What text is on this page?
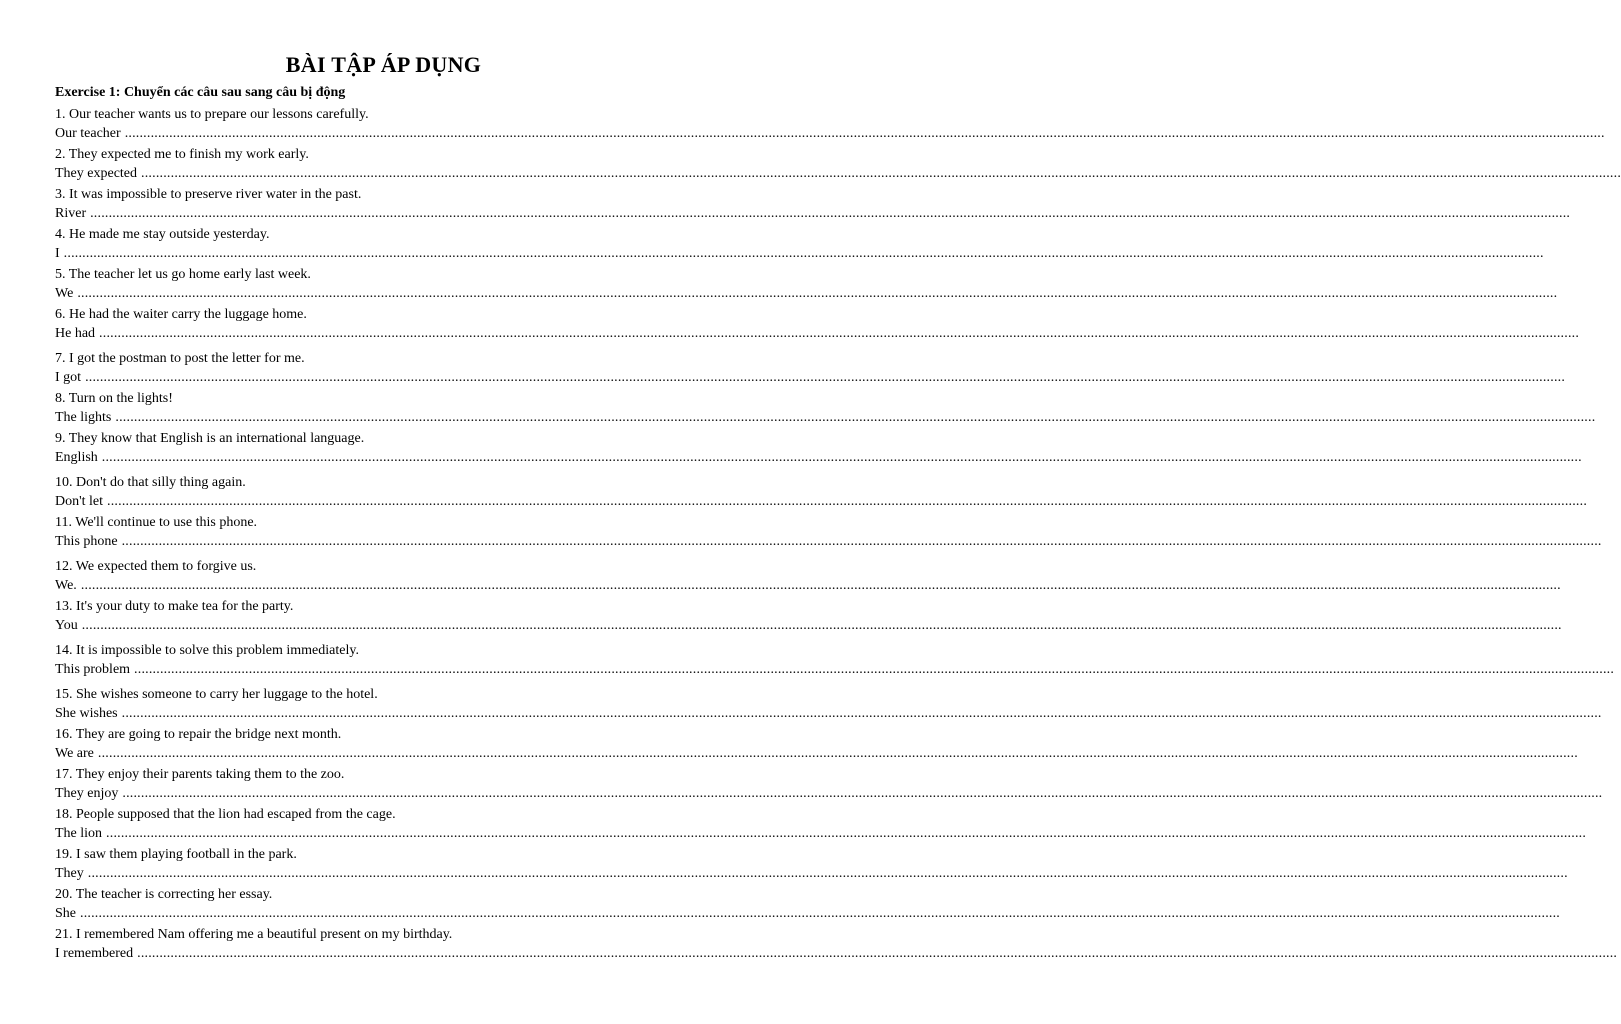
BÀI TẬP ÁP DỤNG
Exercise 1: Chuyển các câu sau sang câu bị động
1. Our teacher wants us to prepare our lessons carefully.
Our teacher ................................................................................................................................................................................................................................................................................................................................................................................................................
2. They expected me to finish my work early.
They expected ................................................................................................................................................................................................................................................................................................................................................................................................................
3. It was impossible to preserve river water in the past.
River ................................................................................................................................................................................................................................................................................................................................................................................................................
4. He made me stay outside yesterday.
I ................................................................................................................................................................................................................................................................................................................................................................................................................
5. The teacher let us go home early last week.
We ................................................................................................................................................................................................................................................................................................................................................................................................................
6. He had the waiter carry the luggage home.
He had ................................................................................................................................................................................................................................................................................................................................................................................................................
7. I got the postman to post the letter for me.
I got ................................................................................................................................................................................................................................................................................................................................................................................................................
8. Turn on the lights!
The lights ................................................................................................................................................................................................................................................................................................................................................................................................................
9. They know that English is an international language.
English ................................................................................................................................................................................................................................................................................................................................................................................................................
10. Don't do that silly thing again.
Don't let ................................................................................................................................................................................................................................................................................................................................................................................................................
11. We'll continue to use this phone.
This phone ................................................................................................................................................................................................................................................................................................................................................................................................................
12. We expected them to forgive us.
We. ................................................................................................................................................................................................................................................................................................................................................................................................................
13. It's your duty to make tea for the party.
You ................................................................................................................................................................................................................................................................................................................................................................................................................
14. It is impossible to solve this problem immediately.
This problem ................................................................................................................................................................................................................................................................................................................................................................................................................
15. She wishes someone to carry her luggage to the hotel.
She wishes ................................................................................................................................................................................................................................................................................................................................................................................................................
16. They are going to repair the bridge next month.
We are ................................................................................................................................................................................................................................................................................................................................................................................................................
17. They enjoy their parents taking them to the zoo.
They enjoy ................................................................................................................................................................................................................................................................................................................................................................................................................
18. People supposed that the lion had escaped from the cage.
The lion ................................................................................................................................................................................................................................................................................................................................................................................................................
19. I saw them playing football in the park.
They ................................................................................................................................................................................................................................................................................................................................................................................................................
20. The teacher is correcting her essay.
She ................................................................................................................................................................................................................................................................................................................................................................................................................
21. I remembered Nam offering me a beautiful present on my birthday.
I remembered ................................................................................................................................................................................................................................................................................................................................................................................................................
